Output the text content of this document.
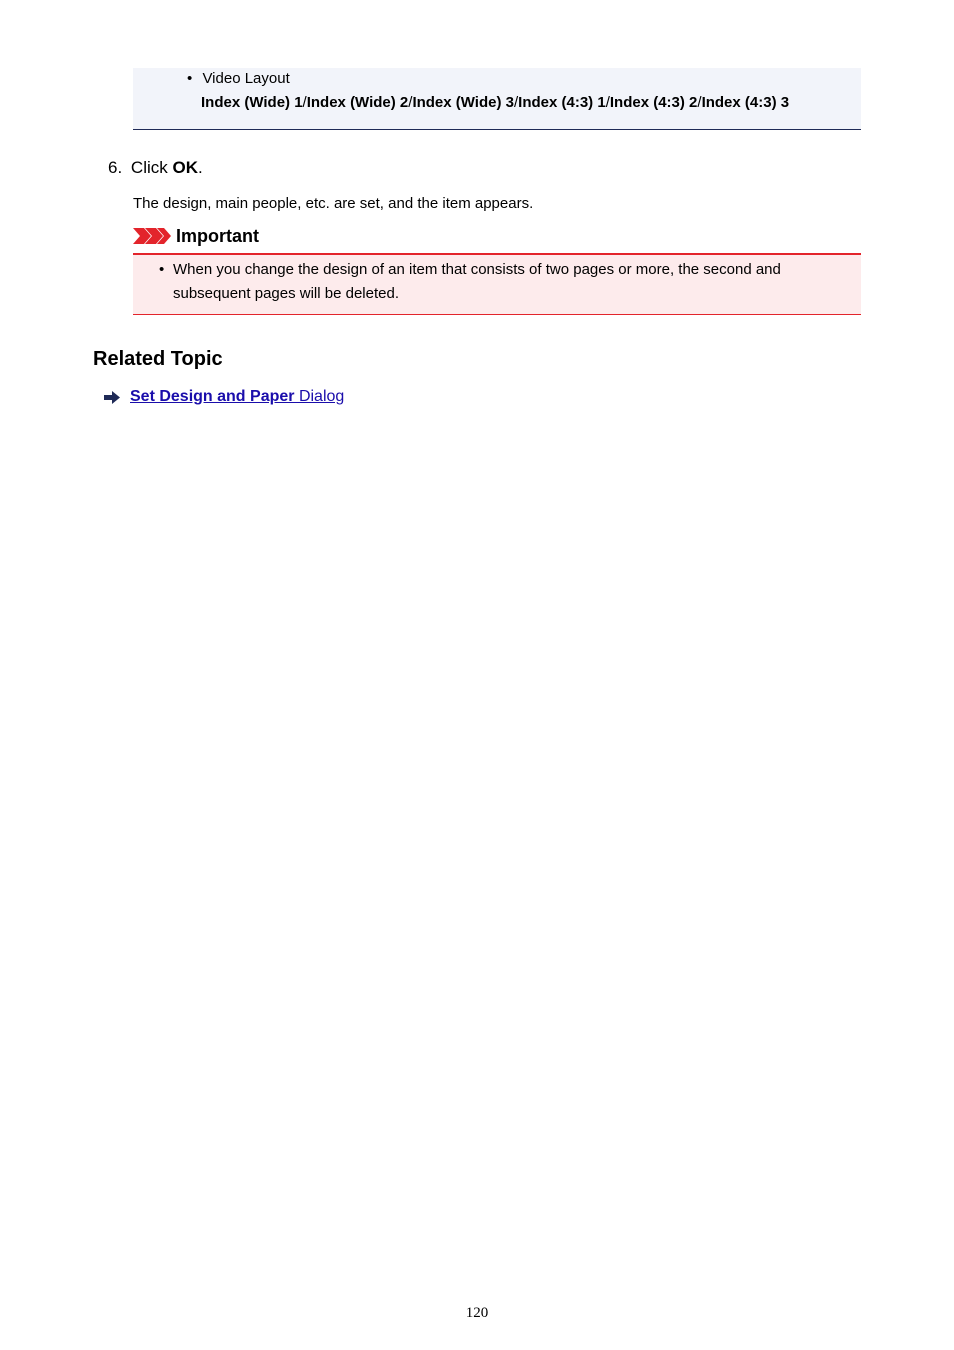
• Video Layout
Index (Wide) 1/Index (Wide) 2/Index (Wide) 3/Index (4:3) 1/Index (4:3) 2/Index (4:3) 3
6. Click OK.
The design, main people, etc. are set, and the item appears.
Important
• When you change the design of an item that consists of two pages or more, the second and
subsequent pages will be deleted.
Related Topic
Set Design and Paper Dialog
120
